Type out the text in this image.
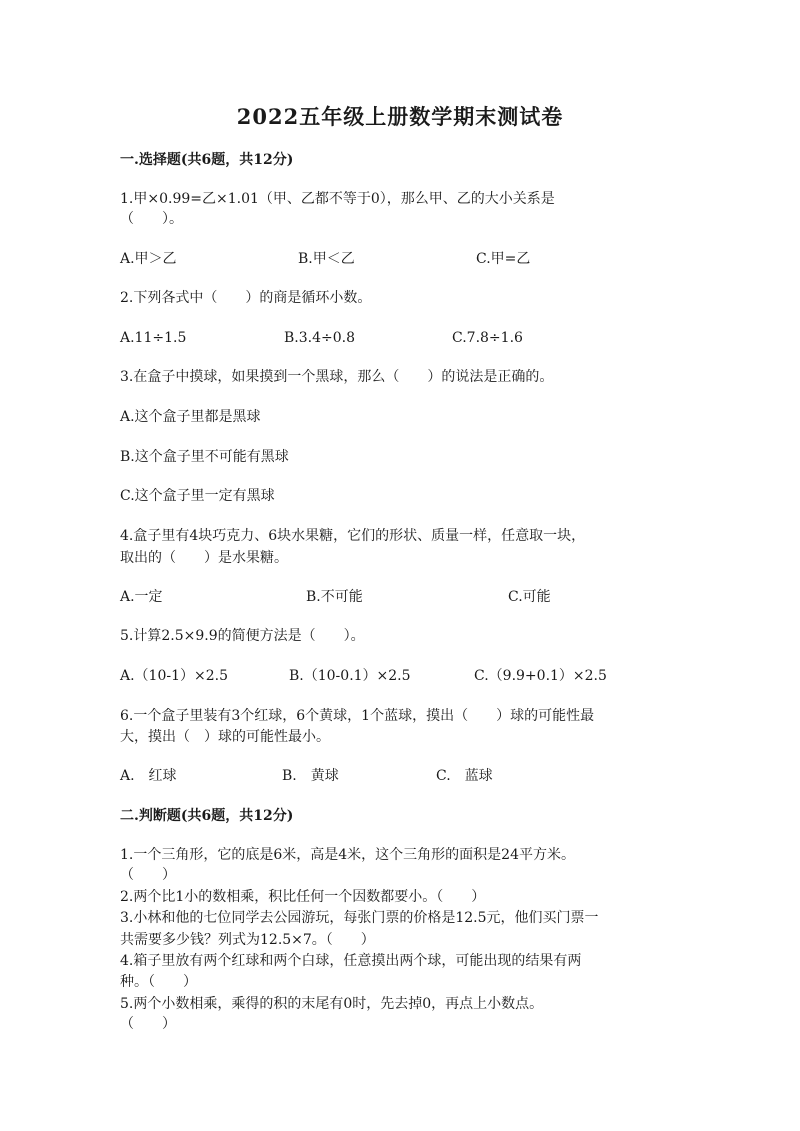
2022五年级上册数学期末测试卷
一.选择题(共6题，共12分)
1.甲×0.99=乙×1.01（甲、乙都不等于0），那么甲、乙的大小关系是
（　　）。
A.甲＞乙	B.甲＜乙	C.甲=乙
2.下列各式中（　　）的商是循环小数。
A.11÷1.5	B.3.4÷0.8	C.7.8÷1.6
3.在盒子中摸球，如果摸到一个黑球，那么（　　）的说法是正确的。
A.这个盒子里都是黑球
B.这个盒子里不可能有黑球
C.这个盒子里一定有黑球
4.盒子里有4块巧克力、6块水果糖，它们的形状、质量一样，任意取一块，
取出的（　　）是水果糖。
A.一定	B.不可能	C.可能
5.计算2.5×9.9的简便方法是（　　）。
A.（10-1）×2.5	B.（10-0.1）×2.5	C.（9.9+0.1）×2.5
6.一个盒子里装有3个红球，6个黄球，1个蓝球，摸出（　　）球的可能性最
大，摸出（　）球的可能性最小。
A.　红球	B.　黄球	C.　蓝球
二.判断题(共6题，共12分)
1.一个三角形，它的底是6米，高是4米，这个三角形的面积是24平方米。
（　　）
2.两个比1小的数相乘，积比任何一个因数都要小。（　　）
3.小林和他的七位同学去公园游玩，每张门票的价格是12.5元，他们买门票一
共需要多少钱？列式为12.5×7。（　　）
4.箱子里放有两个红球和两个白球，任意摸出两个球，可能出现的结果有两
种。（　　）
5.两个小数相乘，乘得的积的末尾有0时，先去掉0，再点上小数点。
（　　）
